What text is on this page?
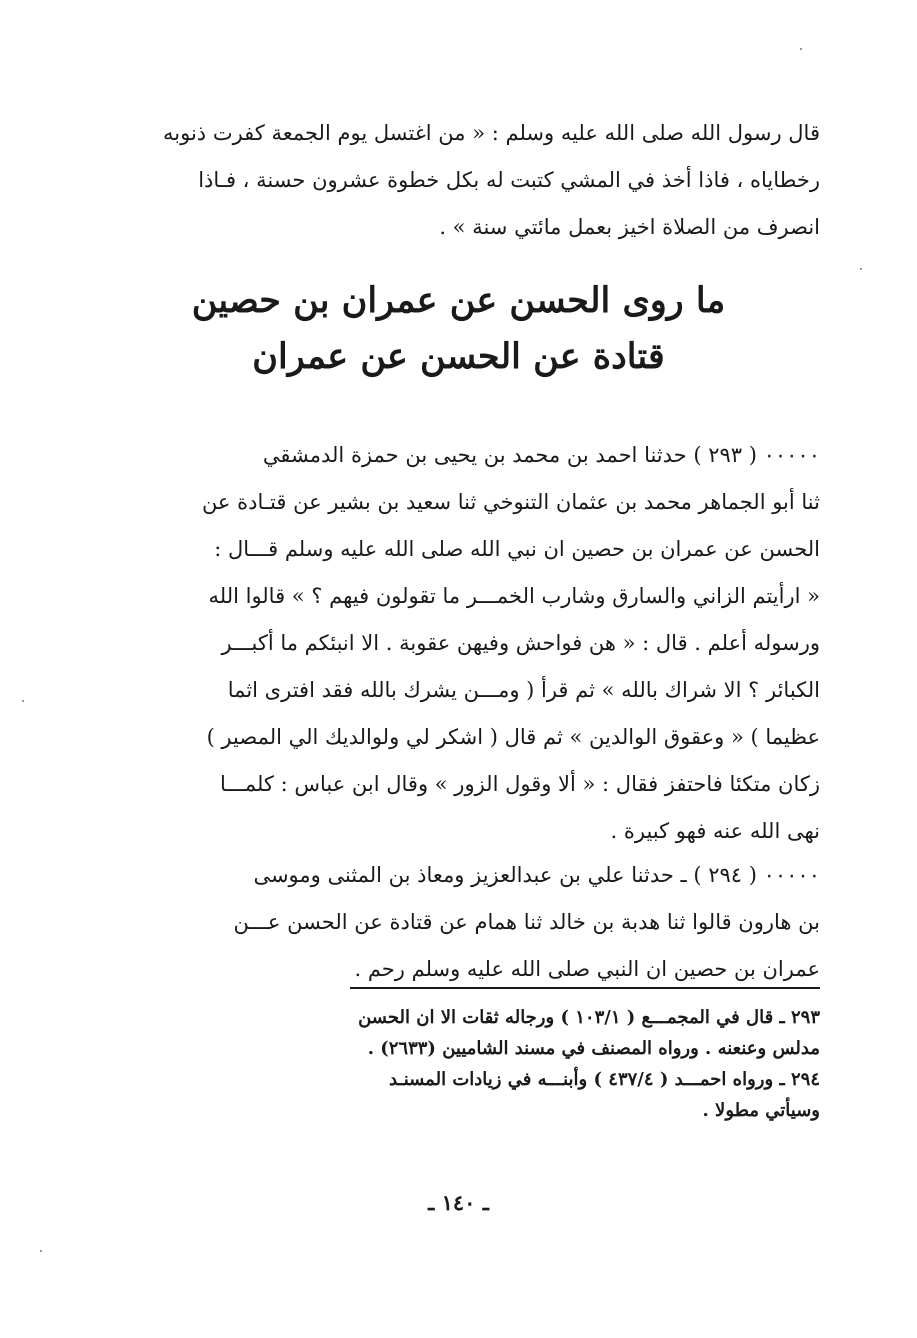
قال رسول الله صلى الله عليه وسلم : « من اغتسل يوم الجمعة كفرت ذنوبه
رخطاياه ، فاذا أخذ في المشي كتبت له بكل خطوة عشرون حسنة ، فـاذا
انصرف من الصلاة اخيز بعمل مائتي سنة » .
ما روى الحسن عن عمران بن حصين
قتادة عن الحسن عن عمران
٠٠٠٠٠ ( ٢٩٣ ) حدثنا احمد بن محمد بن يحيى بن حمزة الدمشقي
ثنا أبو الجماهر محمد بن عثمان التنوخي ثنا سعيد بن بشير عن قتـادة عن
الحسن عن عمران بن حصين ان نبي الله صلى الله عليه وسلم قـــال :
« ارأيتم الزاني والسارق وشارب الخمـــر ما تقولون فيهم ؟ » قالوا الله
ورسوله أعلم . قال : « هن فواحش وفيهن عقوبة . الا انبئكم ما أكبـــر
الكبائر ؟ الا شراك بالله » ثم قرأ ( ومـــن يشرك بالله فقد افترى اثما
عظيما ) « وعقوق الوالدين » ثم قال ( اشكر لي ولوالديك الي المصير )
زكان متكئا فاحتفز فقال : « ألا وقول الزور » وقال ابن عباس : كلمـــا
نهى الله عنه فهو كبيرة .
٠٠٠٠٠ ( ٢٩٤ ) ـ حدثنا علي بن عبدالعزيز ومعاذ بن المثنى وموسى
بن هارون قالوا ثنا هدبة بن خالد ثنا همام عن قتادة عن الحسن عـــن
عمران بن حصين ان النبي صلى الله عليه وسلم رحم .
٢٩٣ ـ قال في المجمـــع ( ١٠٣/١ ) ورجاله ثقات الا ان الحسن
مدلس وعنعنه . ورواه المصنف في مسند الشاميين (٢٦٣٣) .
٢٩٤ ـ ورواه احمـــد ( ٤٣٧/٤ ) وأبنـــه في زيادات المسنـد
وسيأتي مطولا .
ـ ١٤٠ ـ
